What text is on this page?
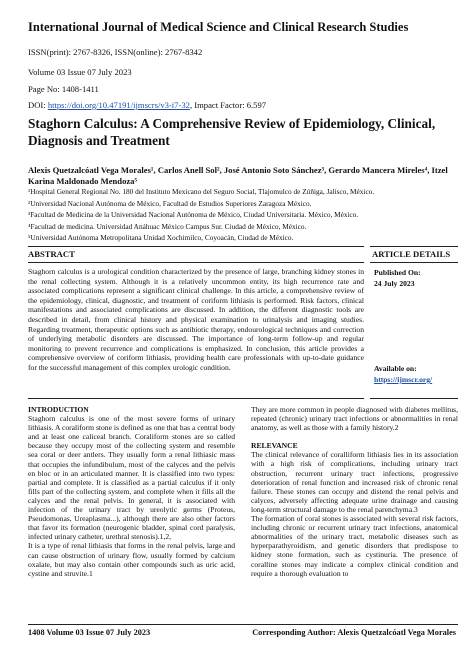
International Journal of Medical Science and Clinical Research Studies
ISSN(print): 2767-8326, ISSN(online): 2767-8342
Volume 03 Issue 07 July 2023
Page No: 1408-1411
DOI: https://doi.org/10.47191/ijmscrs/v3-i7-32, Impact Factor: 6.597
Staghorn Calculus: A Comprehensive Review of Epidemiology, Clinical, Diagnosis and Treatment
Alexis Quetzalcóatl Vega Morales¹, Carlos Anell Sol², José Antonio Soto Sánchez³, Gerardo Mancera Mireles⁴, Itzel Karina Maldonado Mendoza⁵
¹Hospital General Regional No. 180 del Instituto Mexicano del Seguro Social, Tlajomulco de Zúñiga, Jalisco, México.
²Universidad Nacional Autónoma de México, Facultad de Estudios Superiores Zaragoza México.
³Facultad de Medicina de la Universidad Nacional Autónoma de México, Ciudad Universitaria. México, México.
⁴Facultad de medicina. Universidad Anáhuac México Campus Sur. Ciudad de México, México.
⁵Universidad Autónoma Metropolitana Unidad Xochimilco, Coyoacán, Ciudad de México.
ABSTRACT	ARTICLE DETAILS
Staghorn calculus is a urological condition characterized by the presence of large, branching kidney stones in the renal collecting system. Although it is a relatively uncommon entity, its high recurrence rate and associated complications represent a significant clinical challenge. In this article, a comprehensive review of the epidemiology, clinical, diagnostic, and treatment of coriform lithiasis is performed. Risk factors, clinical manifestations and associated complications are discussed. In addition, the different diagnostic tools are described in detail, from clinical history and physical examination to urinalysis and imaging studies. Regarding treatment, therapeutic options such as antibiotic therapy, endourological techniques and correction of underlying metabolic disorders are discussed. The importance of long-term follow-up and regular monitoring to prevent recurrence and complications is emphasized. In conclusion, this article provides a comprehensive overview of coriform lithiasis, providing health care professionals with up-to-date guidance for the successful management of this complex urologic condition.
Published On:
24 July 2023
Available on:
https://ijmscr.org/

INTRODUCTION

Staghorn calculus is one of the most severe forms of urinary lithiasis. A coraliform stone is defined as one that has a central body and at least one caliceal branch. Coraliform stones are so called because they occupy most of the collecting system and resemble sea coral or deer antlers. They usually form a renal lithiasic mass that occupies the infundibulum, most of the calyces and the pelvis en bloc or in an articulated manner. It is classified into two types: partial and complete. It is classified as a partial calculus if it only fills part of the collecting system, and complete when it fills all the calyces and the renal pelvis. In general, it is associated with infection of the urinary tract by ureolytic germs (Proteus, Pseudomonas, Ureaplasma...), although there are also other factors that favor its formation (neurogenic bladder, spinal cord paralysis, infected urinary catheter, urethral stenosis).1,2,

It is a type of renal lithiasis that forms in the renal pelvis, large and can cause obstruction of urinary flow, usually formed by calcium oxalate, but may also contain other compounds such as uric acid, cystine and struvite.1

They are more common in people diagnosed with diabetes mellitus, repeated (chronic) urinary tract infections or abnormalities in renal anatomy, as well as those with a family history.2

RELEVANCE

The clinical relevance of coralliform lithiasis lies in its association with a high risk of complications, including urinary tract obstruction, recurrent urinary tract infections, progressive deterioration of renal function and increased risk of chronic renal failure. These stones can occupy and distend the renal pelvis and calyces, adversely affecting adequate urine drainage and causing long-term structural damage to the renal parenchyma.3

The formation of coral stones is associated with several risk factors, including chronic or recurrent urinary tract infections, anatomical abnormalities of the urinary tract, metabolic diseases such as hyperparathyroidism, and genetic disorders that predispose to kidney stone formation, such as cystinuria. The presence of coralline stones may indicate a complex clinical condition and require a thorough evaluation to

1408 Volume 03 Issue 07 July 2023	Corresponding Author: Alexis Quetzalcóatl Vega Morales
